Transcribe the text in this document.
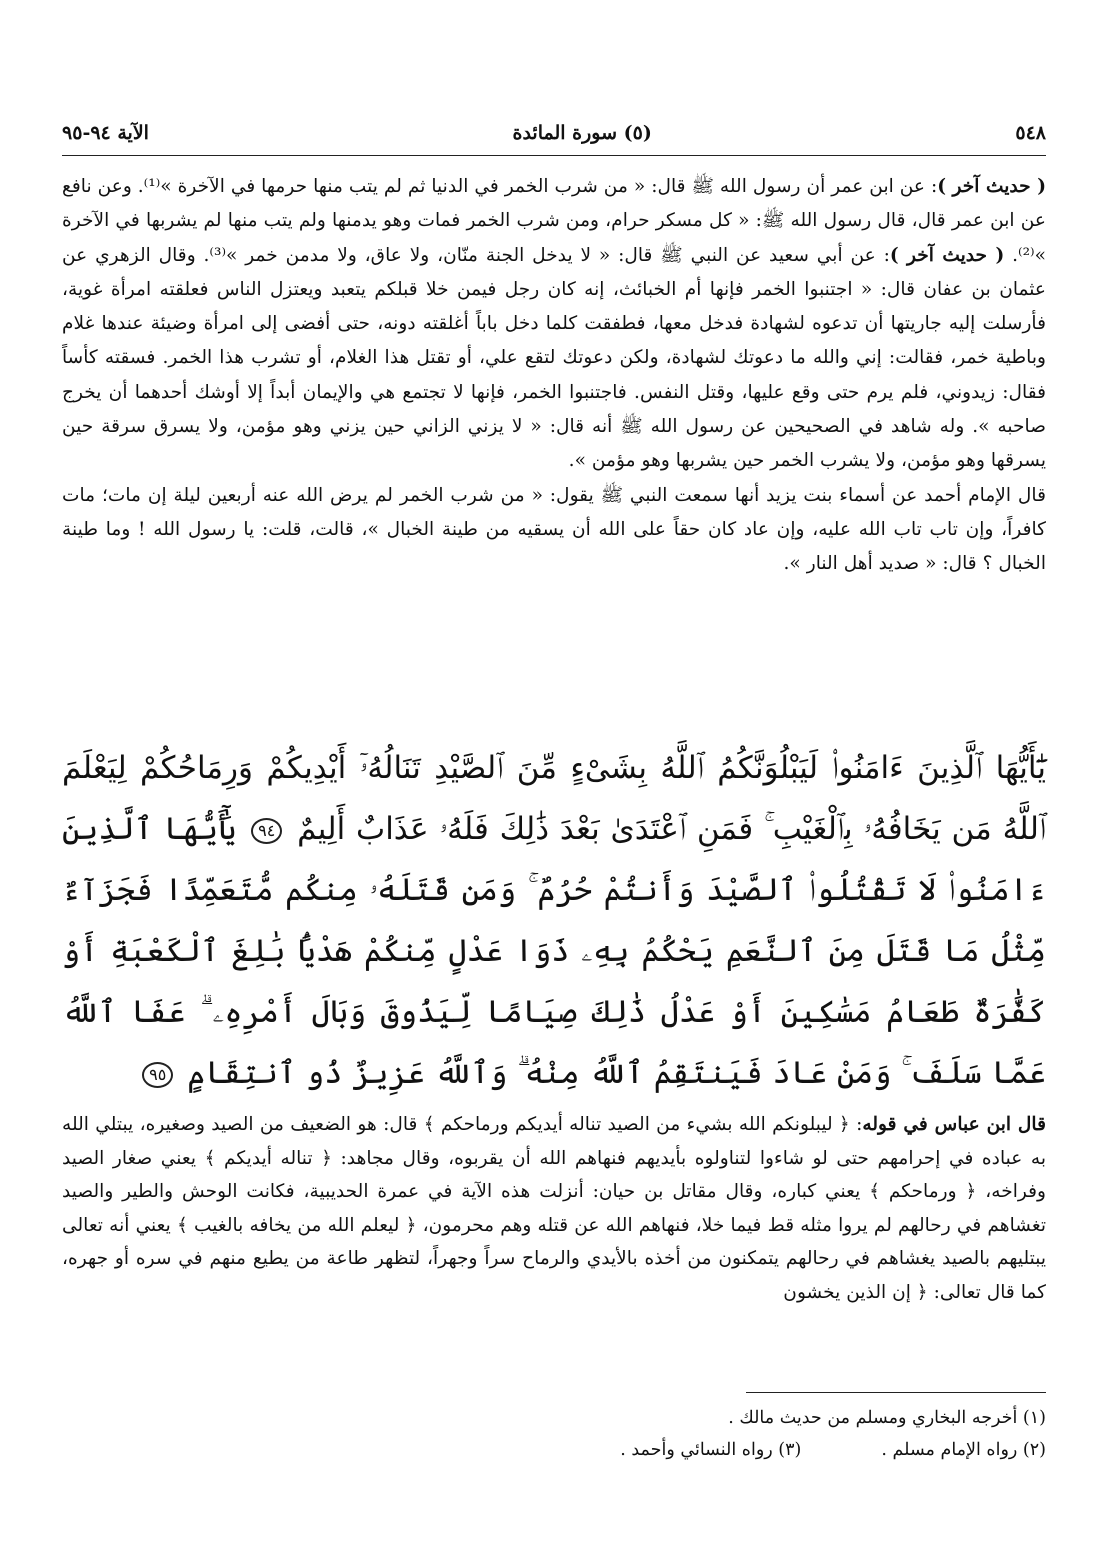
٥٤٨
(٥) سورة المائدة
الآية ٩٤-٩٥

( حديث آخر ): عن ابن عمر أن رسول الله ﷺ قال: « من شرب الخمر في الدنيا ثم لم يتب منها حرمها في الآخرة »⁽¹⁾. وعن نافع عن ابن عمر قال، قال رسول الله ﷺ: « كل مسكر حرام، ومن شرب الخمر فمات وهو يدمنها ولم يتب منها لم يشربها في الآخرة »⁽²⁾. ( حديث آخر ): عن أبي سعيد عن النبي ﷺ قال: « لا يدخل الجنة منّان، ولا عاق، ولا مدمن خمر »⁽³⁾. وقال الزهري عن عثمان بن عفان قال: « اجتنبوا الخمر فإنها أم الخبائث، إنه كان رجل فيمن خلا قبلكم يتعبد ويعتزل الناس فعلقته امرأة غوية، فأرسلت إليه جاريتها أن تدعوه لشهادة فدخل معها، فطفقت كلما دخل باباً أغلقته دونه، حتى أفضى إلى امرأة وضيئة عندها غلام وباطية خمر، فقالت: إني والله ما دعوتك لشهادة، ولكن دعوتك لتقع علي، أو تقتل هذا الغلام، أو تشرب هذا الخمر. فسقته كأساً فقال: زيدوني، فلم يرم حتى وقع عليها، وقتل النفس. فاجتنبوا الخمر، فإنها لا تجتمع هي والإيمان أبداً إلا أوشك أحدهما أن يخرج صاحبه ». وله شاهد في الصحيحين عن رسول الله ﷺ أنه قال: « لا يزني الزاني حين يزني وهو مؤمن، ولا يسرق سرقة حين يسرقها وهو مؤمن، ولا يشرب الخمر حين يشربها وهو مؤمن ».

قال الإمام أحمد عن أسماء بنت يزيد أنها سمعت النبي ﷺ يقول: « من شرب الخمر لم يرض الله عنه أربعين ليلة إن مات؛ مات كافراً، وإن تاب تاب الله عليه، وإن عاد كان حقاً على الله أن يسقيه من طينة الخبال »، قالت، قلت: يا رسول الله ! وما طينة الخبال ؟ قال: « صديد أهل النار ».

يَٰٓأَيُّهَا ٱلَّذِينَ ءَامَنُوا۟ لَيَبْلُوَنَّكُمُ ٱللَّهُ بِشَىْءٍ مِّنَ ٱلصَّيْدِ تَنَالُهُۥٓ أَيْدِيكُمْ وَرِمَاحُكُمْ لِيَعْلَمَ ٱللَّهُ مَن يَخَافُهُۥ بِٱلْغَيْبِ ۚ فَمَنِ ٱعْتَدَىٰ بَعْدَ ذَٰلِكَ فَلَهُۥ عَذَابٌ أَلِيمٌ ٩٤ يَٰٓأَيُّهَا ٱلَّذِينَ ءَامَنُوا۟ لَا تَقْتُلُوا۟ ٱلصَّيْدَ وَأَنتُمْ حُرُمٌ ۚ وَمَن قَتَلَهُۥ مِنكُم مُّتَعَمِّدًا فَجَزَآءٌ مِّثْلُ مَا قَتَلَ مِنَ ٱلنَّعَمِ يَحْكُمُ بِهِۦ ذَوَا عَدْلٍ مِّنكُمْ هَدْيًۢا بَٰلِغَ ٱلْكَعْبَةِ أَوْ كَفَّٰرَةٌ طَعَامُ مَسَٰكِينَ أَوْ عَدْلُ ذَٰلِكَ صِيَامًا لِّيَذُوقَ وَبَالَ أَمْرِهِۦ ۗ عَفَا ٱللَّهُ عَمَّا سَلَفَ ۚ وَمَنْ عَادَ فَيَنتَقِمُ ٱللَّهُ مِنْهُ ۗ وَٱللَّهُ عَزِيزٌ ذُو ٱنتِقَامٍ ٩٥

قال ابن عباس في قوله: ﴿ ليبلونكم الله بشيء من الصيد تناله أيديكم ورماحكم ﴾ قال: هو الضعيف من الصيد وصغيره، يبتلي الله به عباده في إحرامهم حتى لو شاءوا لتناولوه بأيديهم فنهاهم الله أن يقربوه، وقال مجاهد: ﴿ تناله أيديكم ﴾ يعني صغار الصيد وفراخه، ﴿ ورماحكم ﴾ يعني كباره، وقال مقاتل بن حيان: أنزلت هذه الآية في عمرة الحديبية، فكانت الوحش والطير والصيد تغشاهم في رحالهم لم يروا مثله قط فيما خلا، فنهاهم الله عن قتله وهم محرمون، ﴿ ليعلم الله من يخافه بالغيب ﴾ يعني أنه تعالى يبتليهم بالصيد يغشاهم في رحالهم يتمكنون من أخذه بالأيدي والرماح سراً وجهراً، لتظهر طاعة من يطيع منهم في سره أو جهره، كما قال تعالى: ﴿ إن الذين يخشون

(١) أخرجه البخاري ومسلم من حديث مالك .
(٢) رواه الإمام مسلم .
(٣) رواه النسائي وأحمد .
